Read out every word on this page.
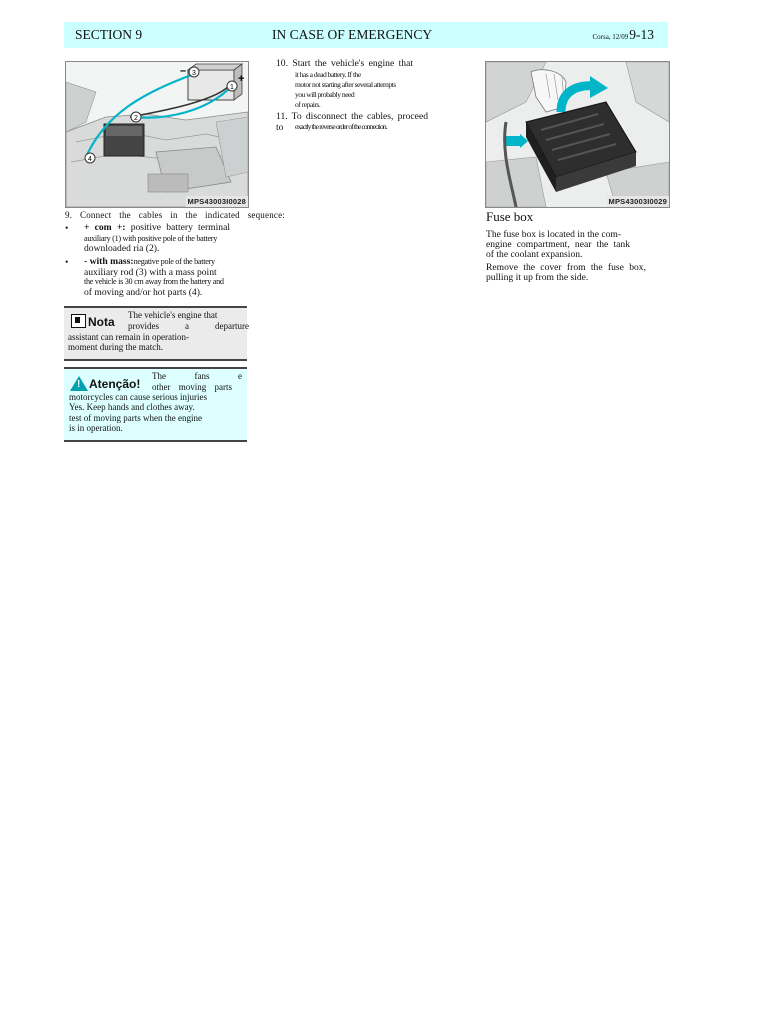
SECTION 9	IN CASE OF EMERGENCY	Corsa, 12/099-13
3
1
2
4
+
–
MPS43003I0028
9. Connect the cables in the indicated sequence:
• + com +: positive battery terminal
auxiliary (1) with positive pole of the battery
downloaded ria (2).
• - with mass:negative pole of the battery
auxiliary rod (3) with a mass point
the vehicle is 30 cm away from the battery and
of moving and/or hot parts (4).
Nota The vehicle's engine that
provides a departure
assistant can remain in operation-
moment during the match.
! Atenção!
The fans e
other moving parts
motorcycles can cause serious injuries
Yes. Keep hands and clothes away.
test of moving parts when the engine
is in operation.
10. Start the vehicle's engine that
it has a dead battery. If the
motor not starting after several attempts
you will probably need
of repairs.
11. To disconnect the cables, proceed to	exactly the reverse order of the connection.
MPS43003I0029
Fuse box
The fuse box is located in the com-
engine compartment, near the tank
of the coolant expansion.
Remove the cover from the fuse box,
pulling it up from the side.
